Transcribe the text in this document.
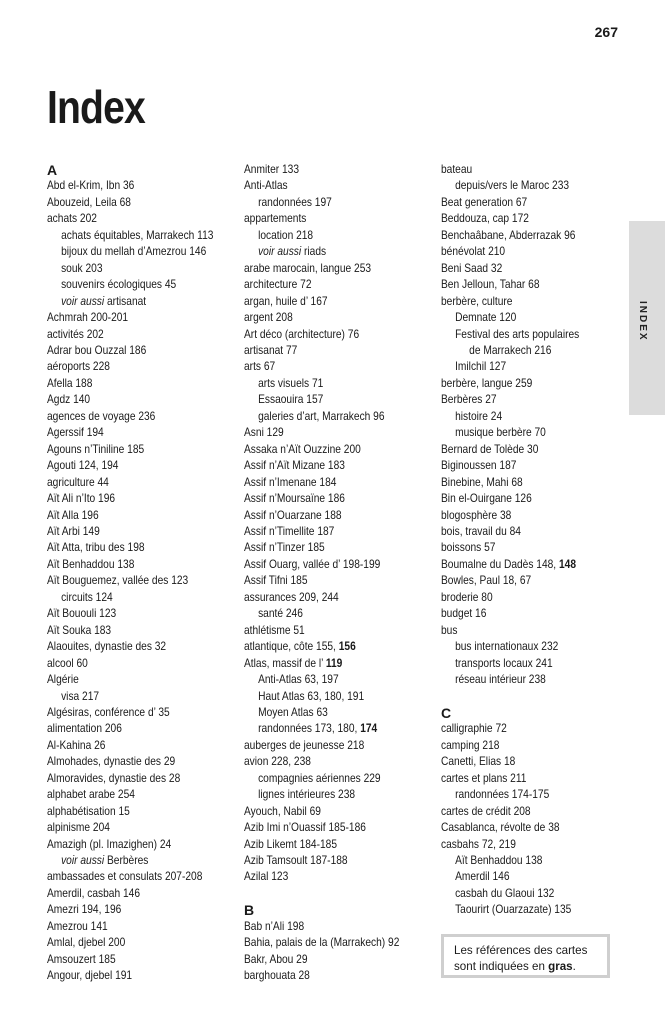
267
Index
A
Abd el-Krim, Ibn 36
Abouzeid, Leila 68
achats 202
achats équitables, Marrakech 113
bijoux du mellah d’Amezrou 146
souk 203
souvenirs écologiques 45
voir aussi artisanat
Achmrah 200-201
activités 202
Adrar bou Ouzzal 186
aéroports 228
Afella 188
Agdz 140
agences de voyage 236
Agerssif 194
Agouns n’Tiniline 185
Agouti 124, 194
agriculture 44
Aït Ali n’Ito 196
Aït Alla 196
Aït Arbi 149
Aït Atta, tribu des 198
Aït Benhaddou 138
Aït Bouguemez, vallée des 123
circuits 124
Aït Bououli 123
Aït Souka 183
Alaouites, dynastie des 32
alcool 60
Algérie
visa 217
Algésiras, conférence d’ 35
alimentation 206
Al-Kahina 26
Almohades, dynastie des 29
Almoravides, dynastie des 28
alphabet arabe 254
alphabétisation 15
alpinisme 204
Amazigh (pl. Imazighen) 24
voir aussi Berbères
ambassades et consulats 207-208
Amerdil, casbah 146
Amezri 194, 196
Amezrou 141
Amlal, djebel 200
Amsouzert 185
Angour, djebel 191
Anmiter 133
Anti-Atlas
randonnées 197
appartements
location 218
voir aussi riads
arabe marocain, langue 253
architecture 72
argan, huile d’ 167
argent 208
Art déco (architecture) 76
artisanat 77
arts 67
arts visuels 71
Essaouira 157
galeries d’art, Marrakech 96
Asni 129
Assaka n’Aït Ouzzine 200
Assif n’Aït Mizane 183
Assif n’Imenane 184
Assif n’Moursaïne 186
Assif n’Ouarzane 188
Assif n’Timellite 187
Assif n’Tinzer 185
Assif Ouarg, vallée d’ 198-199
Assif Tifni 185
assurances 209, 244
santé 246
athlétisme 51
atlantique, côte 155, 156
Atlas, massif de l’ 119
Anti-Atlas 63, 197
Haut Atlas 63, 180, 191
Moyen Atlas 63
randonnées 173, 180, 174
auberges de jeunesse 218
avion 228, 238
compagnies aériennes 229
lignes intérieures 238
Ayouch, Nabil 69
Azib Imi n’Ouassif 185-186
Azib Likemt 184-185
Azib Tamsoult 187-188
Azilal 123
B
Bab n’Ali 198
Bahia, palais de la (Marrakech) 92
Bakr, Abou 29
barghouata 28
bateau
depuis/vers le Maroc 233
Beat generation 67
Beddouza, cap 172
Benchaâbane, Abderrazak 96
bénévolat 210
Beni Saad 32
Ben Jelloun, Tahar 68
berbère, culture
Demnate 120
Festival des arts populaires
de Marrakech 216
Imilchil 127
berbère, langue 259
Berbères 27
histoire 24
musique berbère 70
Bernard de Tolède 30
Biginoussen 187
Binebine, Mahi 68
Bin el-Ouirgane 126
blogosphère 38
bois, travail du 84
boissons 57
Boumalne du Dadès 148, 148
Bowles, Paul 18, 67
broderie 80
budget 16
bus
bus internationaux 232
transports locaux 241
réseau intérieur 238
C
calligraphie 72
camping 218
Canetti, Elias 18
cartes et plans 211
randonnées 174-175
cartes de crédit 208
Casablanca, révolte de 38
casbahs 72, 219
Aït Benhaddou 138
Amerdil 146
casbah du Glaoui 132
Taourirt (Ouarzazate) 135
INDEX
Les références des cartes sont indiquées en gras.
